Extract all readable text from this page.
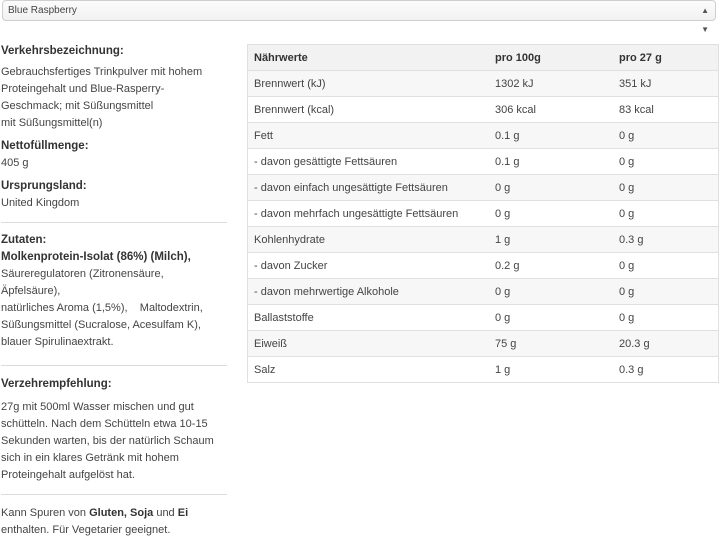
Blue Raspberry	▲
▼
Verkehrsbezeichnung:
Gebrauchsfertiges Trinkpulver mit hohem
Proteingehalt und Blue-Rasperry-
Geschmack; mit Süßungsmittel
mit Süßungsmittel(n)
Nettofüllmenge:
405 g
Ursprungsland:
United Kingdom
Zutaten:
Molkenprotein-Isolat (86%) (Milch),
Säureregulatoren (Zitronensäure,
Äpfelsäure),
natürliches Aroma (1,5%),    Maltodextrin,
Süßungsmittel (Sucralose, Acesulfam K),
blauer Spirulinaextrakt.
Verzehrempfehlung:
27g mit 500ml Wasser mischen und gut
schütteln. Nach dem Schütteln etwa 10-15
Sekunden warten, bis der natürlich Schaum
sich in ein klares Getränk mit hohem
Proteingehalt aufgelöst hat.
Kann Spuren von Gluten, Soja und Ei
enthalten. Für Vegetarier geeignet.
Nährwerte	pro 100g	pro 27 g
Brennwert (kJ)	1302 kJ	351 kJ
Brennwert (kcal)	306 kcal	83 kcal
Fett	0.1 g	0 g
- davon gesättigte Fettsäuren	0.1 g	0 g
- davon einfach ungesättigte Fettsäuren	0 g	0 g
- davon mehrfach ungesättigte Fettsäuren	0 g	0 g
Kohlenhydrate	1 g	0.3 g
- davon Zucker	0.2 g	0 g
- davon mehrwertige Alkohole	0 g	0 g
Ballaststoffe	0 g	0 g
Eiweiß	75 g	20.3 g
Salz	1 g	0.3 g
